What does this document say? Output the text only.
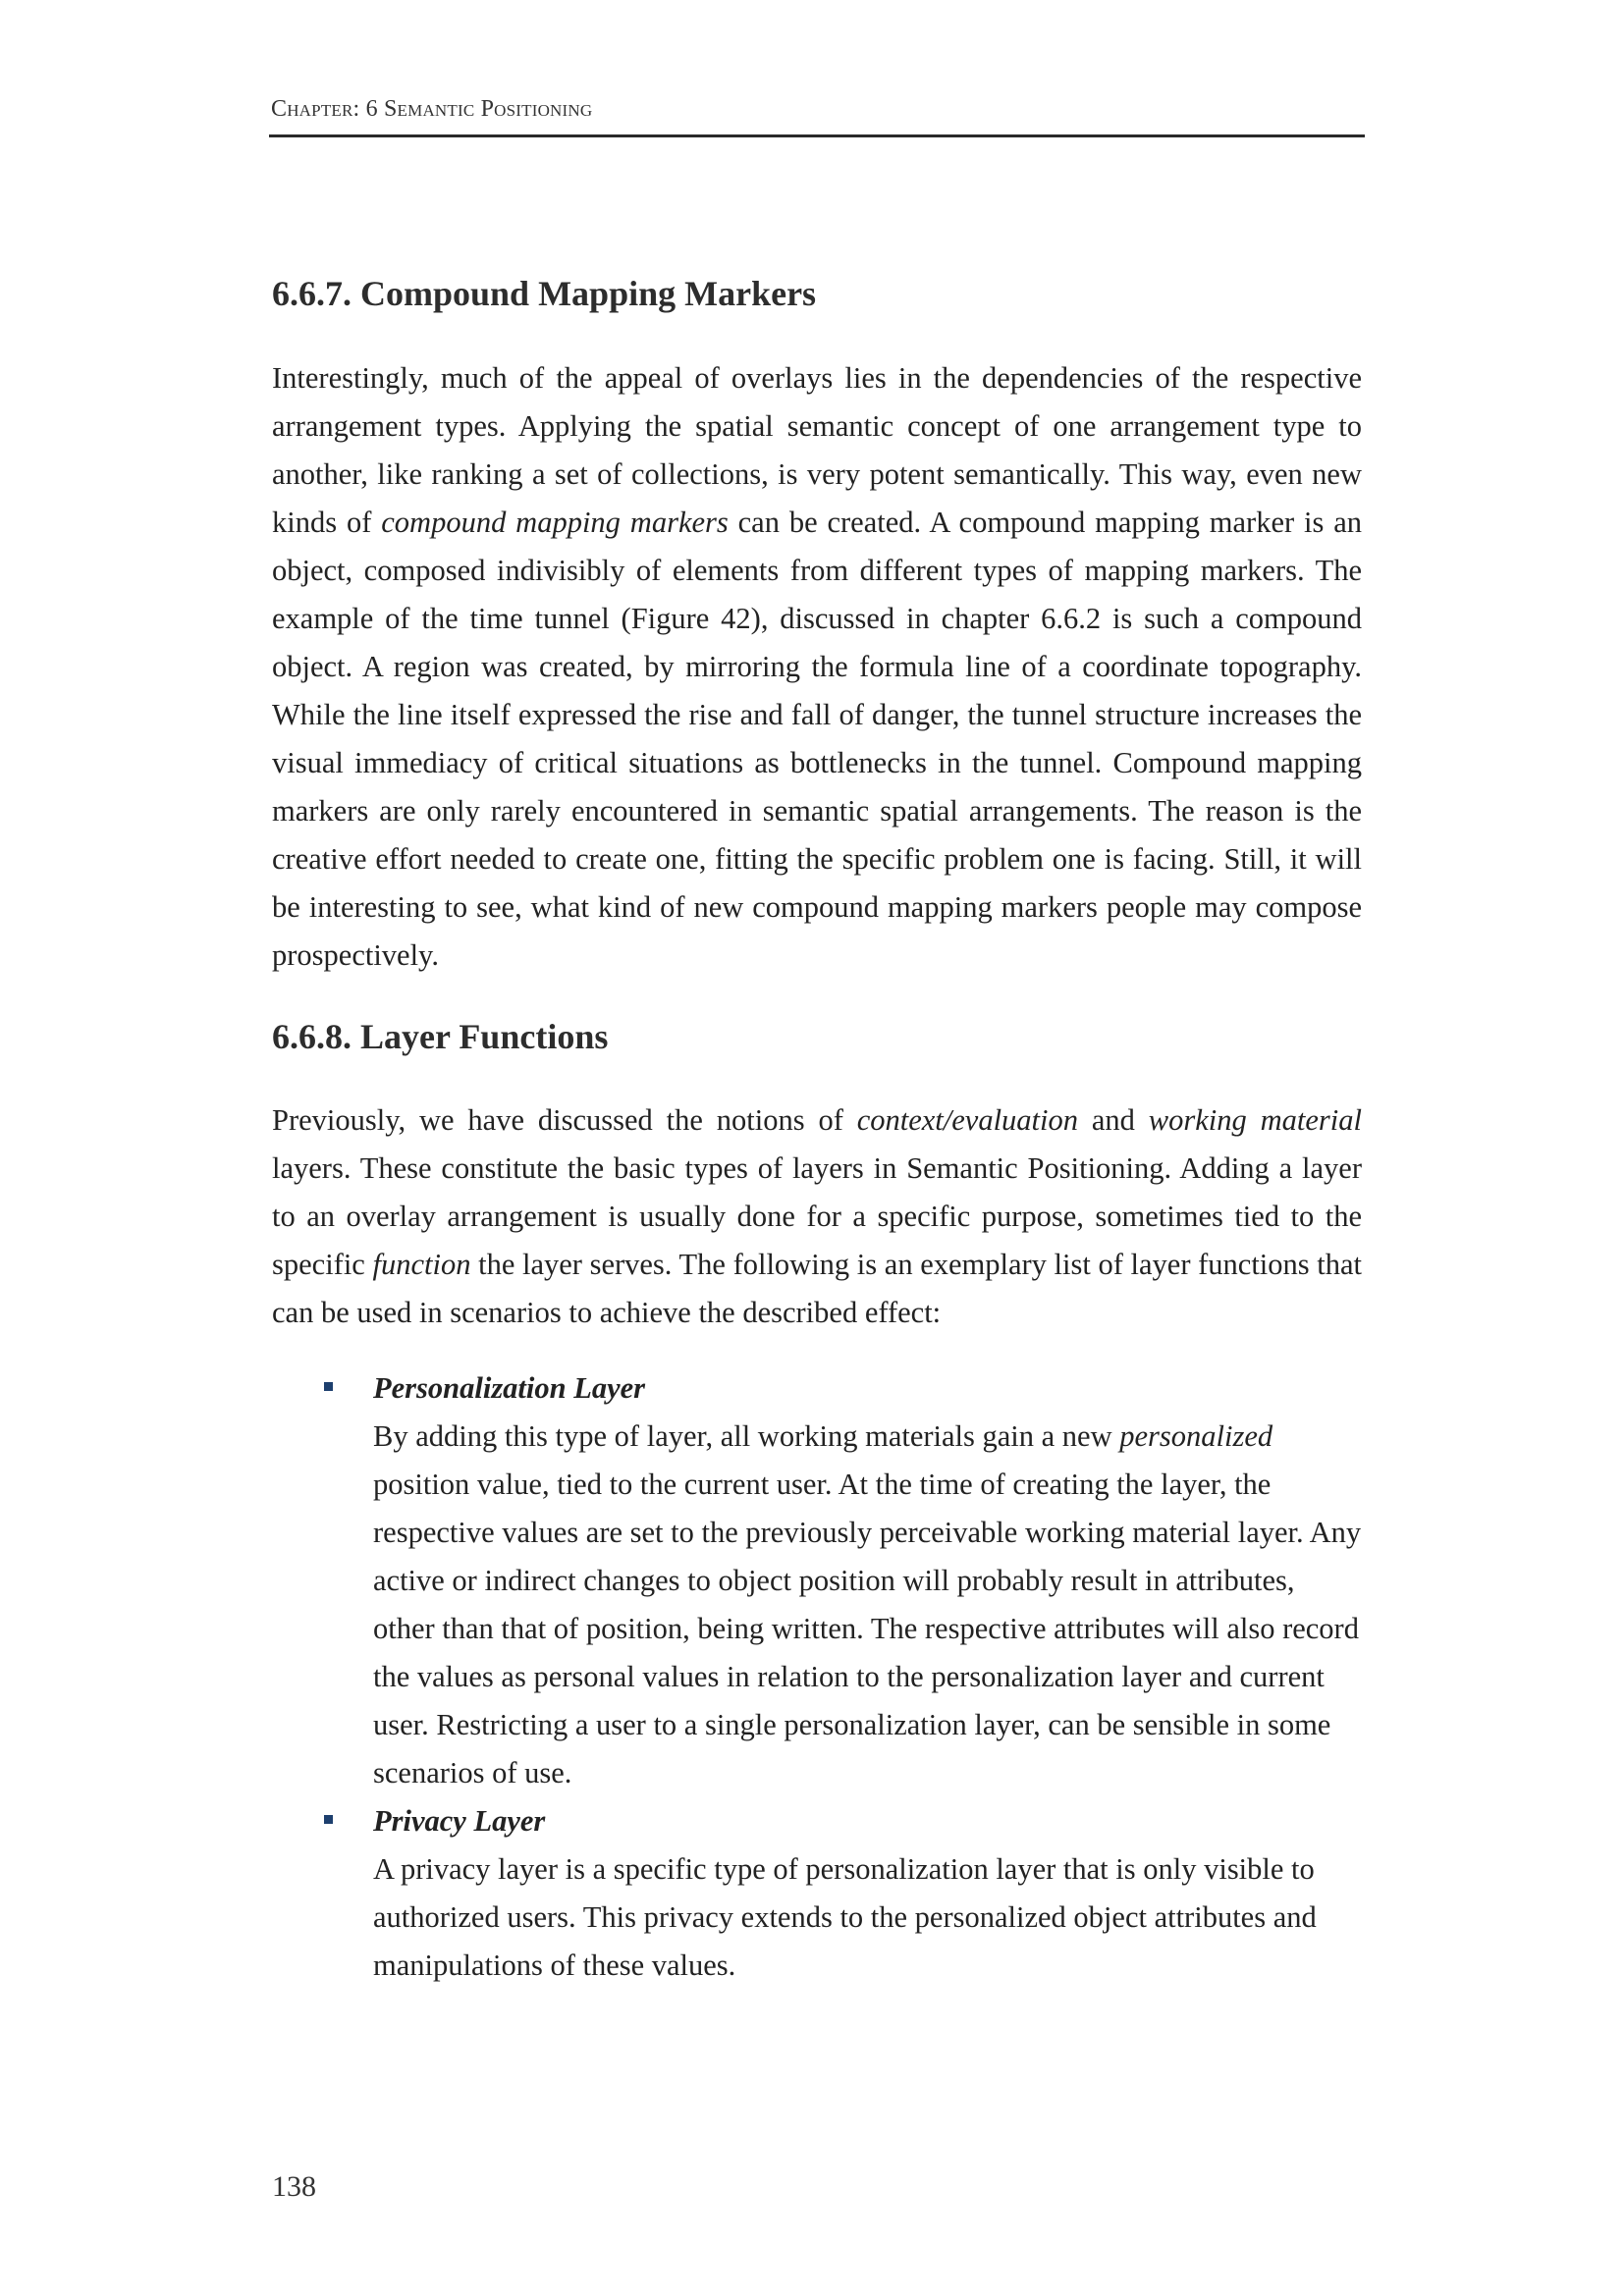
Chapter: 6 Semantic Positioning
6.6.7. Compound Mapping Markers

Interestingly, much of the appeal of overlays lies in the dependencies of the respective arrangement types. Applying the spatial semantic concept of one arrangement type to another, like ranking a set of collections, is very potent semantically. This way, even new kinds of compound mapping markers can be created. A compound mapping marker is an object, composed indivisibly of elements from different types of mapping markers. The example of the time tunnel (Figure 42), discussed in chapter 6.6.2 is such a compound object. A region was created, by mirroring the formula line of a coordinate topography. While the line itself expressed the rise and fall of danger, the tunnel structure increases the visual immediacy of critical situations as bottlenecks in the tunnel. Compound mapping markers are only rarely encountered in semantic spatial arrangements. The reason is the creative effort needed to create one, fitting the specific problem one is facing. Still, it will be interesting to see, what kind of new compound mapping markers people may compose prospectively.

6.6.8. Layer Functions

Previously, we have discussed the notions of context/evaluation and working material layers. These constitute the basic types of layers in Semantic Positioning. Adding a layer to an overlay arrangement is usually done for a specific purpose, sometimes tied to the specific function the layer serves. The following is an exemplary list of layer functions that can be used in scenarios to achieve the described effect:

Personalization Layer
By adding this type of layer, all working materials gain a new personalized position value, tied to the current user. At the time of creating the layer, the respective values are set to the previously perceivable working material layer. Any active or indirect changes to object position will probably result in attributes, other than that of position, being written. The respective attributes will also record the values as personal values in relation to the personalization layer and current user. Restricting a user to a single personalization layer, can be sensible in some scenarios of use.
Privacy Layer
A privacy layer is a specific type of personalization layer that is only visible to authorized users. This privacy extends to the personalized object attributes and manipulations of these values.
138
